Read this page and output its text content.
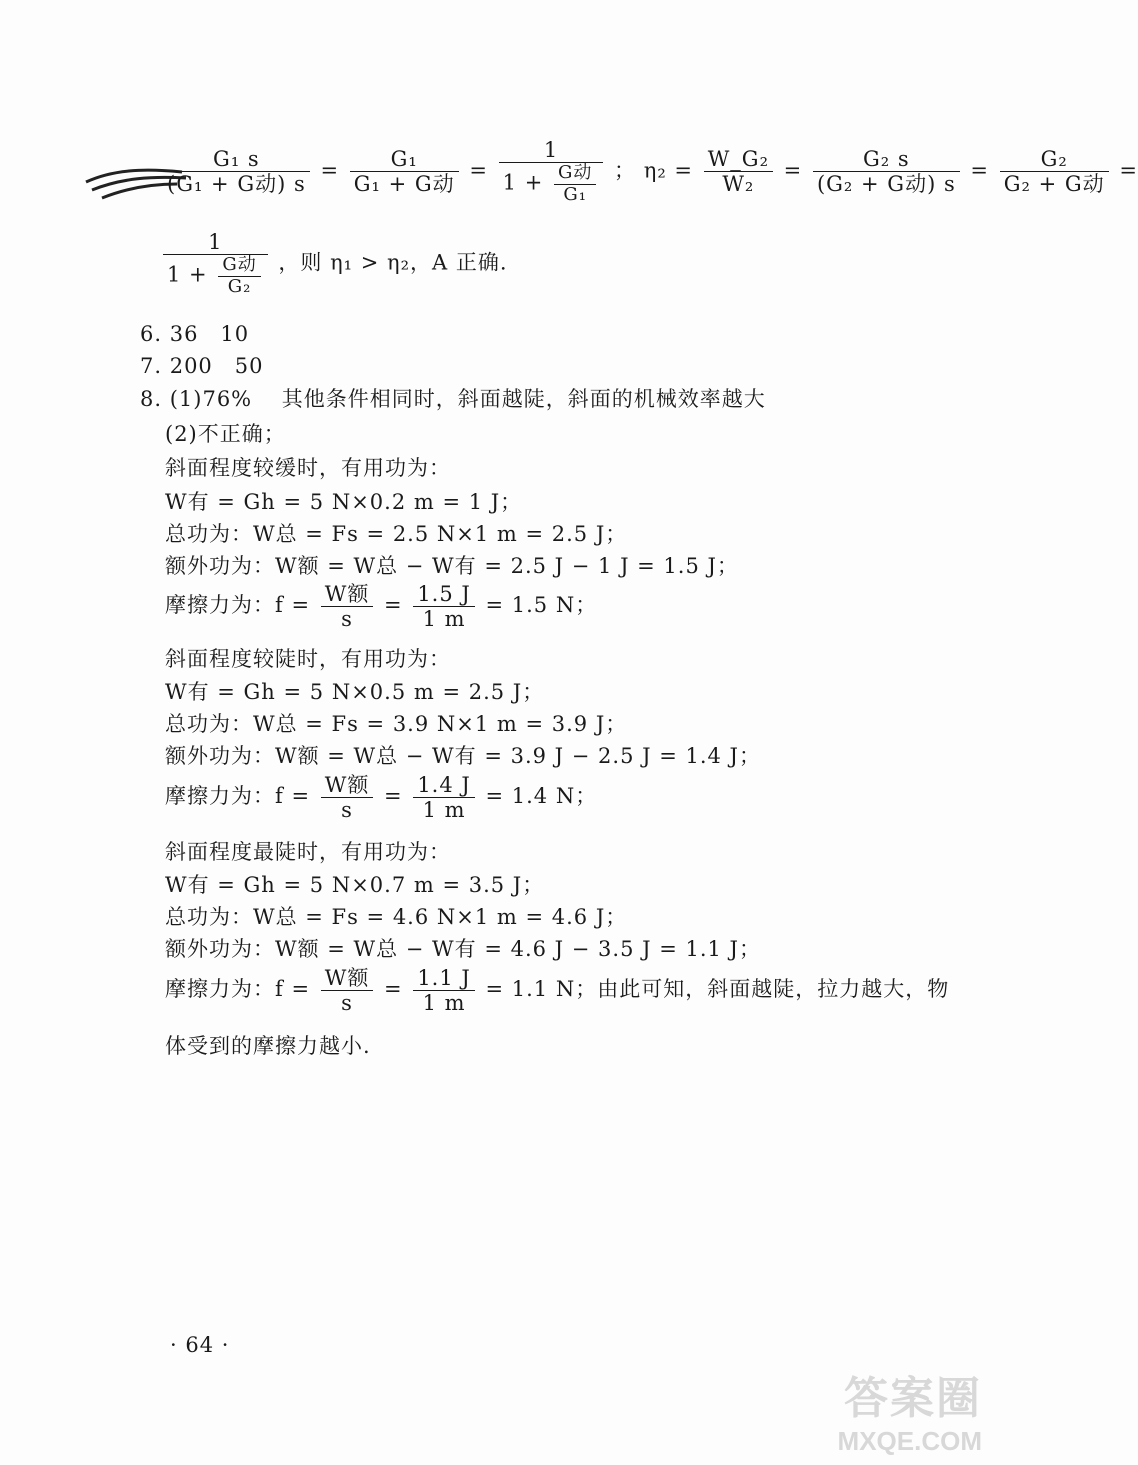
$\frac{\text{G₁ s}}{\text{(G₁ + G动) s}} = \frac{\text{G₁}}{\text{G₁ + G动}} = \frac{1}{1 + \frac{\text{G动}}{\text{G₁}}}$ ； $\eta_2 = \frac{\text{W\_G₂}}{\text{W₂}} = \frac{\text{G₂ s}}{\text{(G₂ + G动) s}} = \frac{\text{G₂}}{\text{G₂ + G动}}$ =
$\frac{1}{1 + \frac{\text{G动}}{\text{G₂}}}$ ，则 η₁ > η₂，A 正确.
6. 36　10
7. 200　50
8. (1)76%　 其他条件相同时，斜面越陡，斜面的机械效率越大
(2)不正确；
斜面程度较缓时，有用功为：
W有 = Gh = 5 N×0.2 m = 1 J；
总功为：W总 = Fs = 2.5 N×1 m = 2.5 J；
额外功为：W额 = W总 − W有 = 2.5 J − 1 J = 1.5 J；
摩擦力为：$f = \frac{\text{W额}}{s} = \frac{1.5 J}{1 m} = 1.5$ N；
斜面程度较陡时，有用功为：
W有 = Gh = 5 N×0.5 m = 2.5 J；
总功为：W总 = Fs = 3.9 N×1 m = 3.9 J；
额外功为：W额 = W总 − W有 = 3.9 J − 2.5 J = 1.4 J；
摩擦力为：$f = \frac{\text{W额}}{s} = \frac{1.4 J}{1 m} = 1.4$ N；
斜面程度最陡时，有用功为：
W有 = Gh = 5 N×0.7 m = 3.5 J；
总功为：W总 = Fs = 4.6 N×1 m = 4.6 J；
额外功为：W额 = W总 − W有 = 4.6 J − 3.5 J = 1.1 J；
摩擦力为：$f = \frac{\text{W额}}{s} = \frac{1.1 J}{1 m} = 1.1$ N；由此可知，斜面越陡，拉力越大，物
体受到的摩擦力越小.
· 64 ·
答案圈
MXQE.COM
